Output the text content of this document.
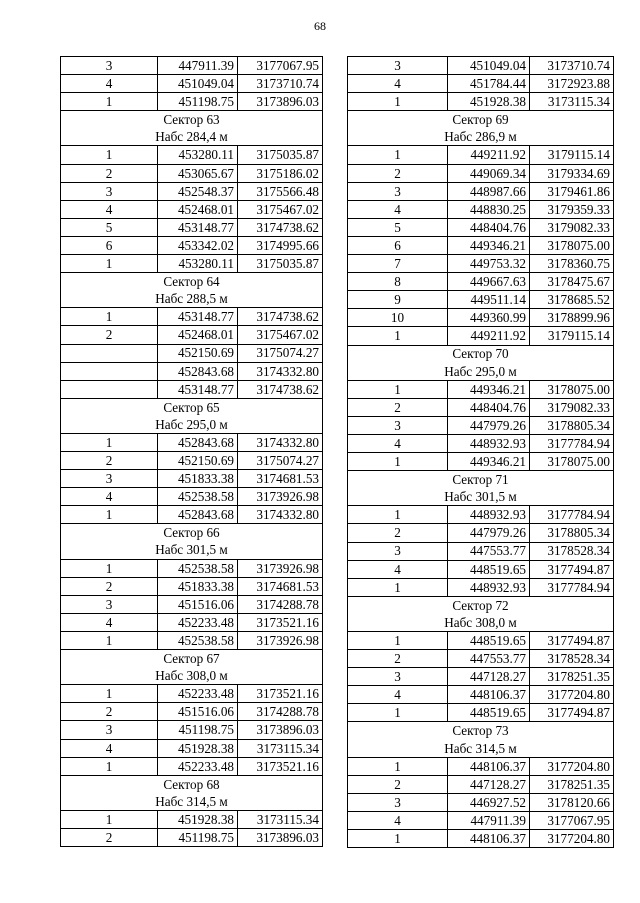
68
3	447911.39	3177067.95
4	451049.04	3173710.74
1	451198.75	3173896.03
Сектор 63		
Набс 284,4 м		
1	453280.11	3175035.87
2	453065.67	3175186.02
3	452548.37	3175566.48
4	452468.01	3175467.02
5	453148.77	3174738.62
6	453342.02	3174995.66
1	453280.11	3175035.87
Сектор 64		
Набс 288,5 м		
1	453148.77	3174738.62
2	452468.01	3175467.02
	452150.69	3175074.27
	452843.68	3174332.80
	453148.77	3174738.62
Сектор 65		
Набс 295,0 м		
1	452843.68	3174332.80
2	452150.69	3175074.27
3	451833.38	3174681.53
4	452538.58	3173926.98
1	452843.68	3174332.80
Сектор 66		
Набс 301,5 м		
1	452538.58	3173926.98
2	451833.38	3174681.53
3	451516.06	3174288.78
4	452233.48	3173521.16
1	452538.58	3173926.98
Сектор 67		
Набс 308,0 м		
1	452233.48	3173521.16
2	451516.06	3174288.78
3	451198.75	3173896.03
4	451928.38	3173115.34
1	452233.48	3173521.16
Сектор 68		
Набс 314,5 м		
1	451928.38	3173115.34
2	451198.75	3173896.03
3	451049.04	3173710.74
4	451784.44	3172923.88
1	451928.38	3173115.34
Сектор 69		
Набс 286,9 м		
1	449211.92	3179115.14
2	449069.34	3179334.69
3	448987.66	3179461.86
4	448830.25	3179359.33
5	448404.76	3179082.33
6	449346.21	3178075.00
7	449753.32	3178360.75
8	449667.63	3178475.67
9	449511.14	3178685.52
10	449360.99	3178899.96
1	449211.92	3179115.14
Сектор 70		
Набс 295,0 м		
1	449346.21	3178075.00
2	448404.76	3179082.33
3	447979.26	3178805.34
4	448932.93	3177784.94
1	449346.21	3178075.00
Сектор 71		
Набс 301,5 м		
1	448932.93	3177784.94
2	447979.26	3178805.34
3	447553.77	3178528.34
4	448519.65	3177494.87
1	448932.93	3177784.94
Сектор 72		
Набс 308,0 м		
1	448519.65	3177494.87
2	447553.77	3178528.34
3	447128.27	3178251.35
4	448106.37	3177204.80
1	448519.65	3177494.87
Сектор 73		
Набс 314,5 м		
1	448106.37	3177204.80
2	447128.27	3178251.35
3	446927.52	3178120.66
4	447911.39	3177067.95
1	448106.37	3177204.80
